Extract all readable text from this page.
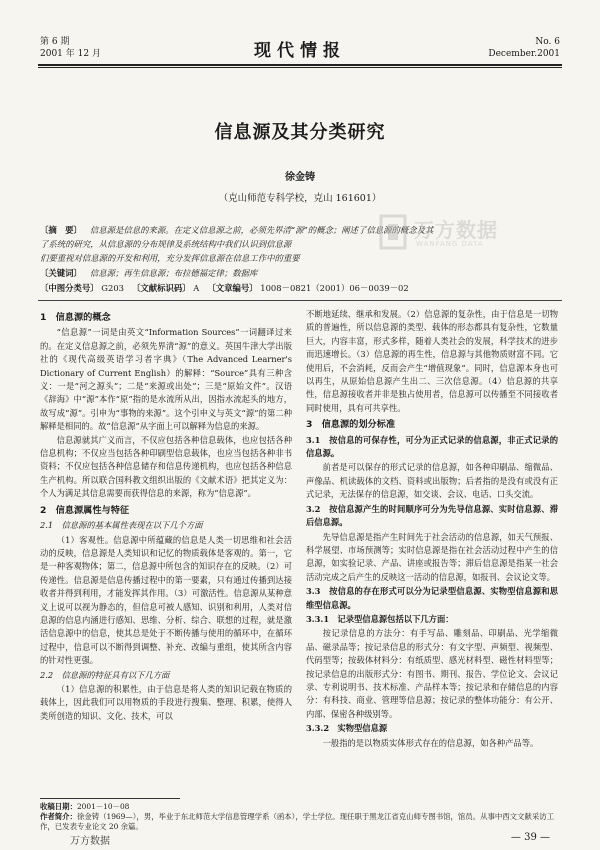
第 6 期
2001 年 12 月	现代情报	No. 6
December.2001
信息源及其分类研究
徐金铸
（克山师范专科学校，克山 161601）
〔摘　要〕 信息源是信息的来源。在定义信息源之前，必须先界清“源”的概念；阐述了信息源的概念及其
了系统的研究，从信息源的分布规律及系统结构中我们认识到信息源
们要重视对信息源的开发和利用，充分发挥信息源在信息工作中的重要
〔关键词〕 信息源；再生信息源；布拉德福定律；数据库
〔中图分类号〕 G203 〔文献标识码〕 A 〔文章编号〕 1008－0821（2001）06－0039－02
万方数据
WANFANG DATA
1　信息源的概念

“信息源”一词是由英文“Information Sources”一词翻译过来的。在定义信息源之前，必须先界清“源”的意义。英国牛津大学出版社的《现代高级英语学习者字典》（The Advanced Learner's Dictionary of Current English）的解释：“Source”具有三种含义：一是“河之源头”；二是“来源或出处”；三是“原始文件”。汉语《辞海》中“源”本作“原”指的是水流所从出，因指水流起头的地方，故写成“源”。引申为“事物的来源”。这个引申义与英文“源”的第二种解释是相同的。故“信息源”从字面上可以解释为信息的来源。

信息源就其广义而言，不仅应包括各种信息载体，也应包括各种信息机构；不仅应当包括各种印刷型信息载体，也应当包括各种非书资料；不仅应包括各种信息储存和信息传递机构，也应包括各种信息生产机构。所以联合国科教文组织出版的《文献术语》把其定义为：个人为满足其信息需要而获得信息的来源，称为“信息源”。

2　信息源属性与特征
2.1　信息源的基本属性表现在以下几个方面

（1）客观性。信息源中所蕴藏的信息是人类一切思维和社会活动的反映，信息源是人类知识和记忆的物质载体是客观的。第一，它是一种客观物体；第二，信息源中所包含的知识存在的反映。（2）可传递性。信息源是信息传播过程中的第一要素，只有通过传播到达接收者并得到利用，才能发挥其作用。（3）可激活性。信息源从某种意义上说可以视为静态的，但信息可被人感知、识别和利用，人类对信息源的信息内涵进行感知、思维、分析、综合、联想的过程，就是激活信息源中的信息，使其总是处于不断传播与使用的循环中，在循环过程中，信息可以不断得到调整、补充、改编与重组，使其所含内容的针对性更强。

2.2　信息源的特征具有以下几方面

（1）信息源的积累性，由于信息是将人类的知识记载在物质的载体上，因此我们可以用物质的手段进行搜集、整理、积累，使得人类所创造的知识、文化、技术，可以

不断地延续、继承和发展。（2）信息源的复杂性，由于信息是一切物质的普遍性，所以信息源的类型、载体的形态都具有复杂性，它数量巨大，内容丰富，形式多样，随着人类社会的发展，科学技术的进步而迅速增长。（3）信息源的再生性，信息源与其他物质财富不同。它使用后，不会消耗，反而会产生“增值现象”。同时，信息源本身也可以再生，从原始信息源产生出二、三次信息源。（4）信息源的共享性，信息源接收者并非是独占使用者，信息源可以传播至不同接收者同时使用，具有可共享性。

3　信息源的划分标准
3.1　按信息的可保存性，可分为正式记录的信息源，非正式记录的信息源。

前者是可以保存的形式记录的信息源，如各种印刷品、缩微品、声像品、机读载体的文档、资料或出版物；后者指的是没有或没有正式记录，无法保存的信息源，如交谈、会议、电话、口头交流。

3.2　按信息源产生的时间顺序可分为先导信息源、实时信息源、滞后信息源。

先导信息源是指产生时间先于社会活动的信息源，如天气预报、科学展望、市场预测等；实时信息源是指在社会活动过程中产生的信息源，如实验记录、产品、讲座或报告等；滞后信息源是指某一社会活动完成之后产生的反映这一活动的信息源，如报刊、会议论文等。

3.3　按信息的存在形式可以分为记录型信息源、实物型信息源和思维型信息源。
3.3.1　记录型信息源包括以下几方面：

按记录信息的方法分：有手写品、雕刻品、印刷品、光学缩微品、磁录品等；按记录信息的形式分：有文字型、声频型、视频型、代码型等；按载体材料分：有纸质型、感光材料型、磁性材料型等；按记录信息的出版形式分：有图书、期刊、报告、学位论文、会议记录、专利说明书、技术标准、产品样本等；按记录和存储信息的内容分：有科技、商业、管理等信息源；按记录的整体功能分：有公开、内部、保密各种级别等。

3.3.2　实物型信息源

一般指的是以物质实体形式存在的信息源，如各种产品等。

收稿日期：2001－10－08
作者简介：徐金铸（1969—），男，毕业于东北师范大学信息管理学系（函本），学士学位。现任职于黑龙江省克山师专图书馆，馆员。从事中西文文献采访工作，已发表专业论文 20 余篇。
万方数据	— 39 —
